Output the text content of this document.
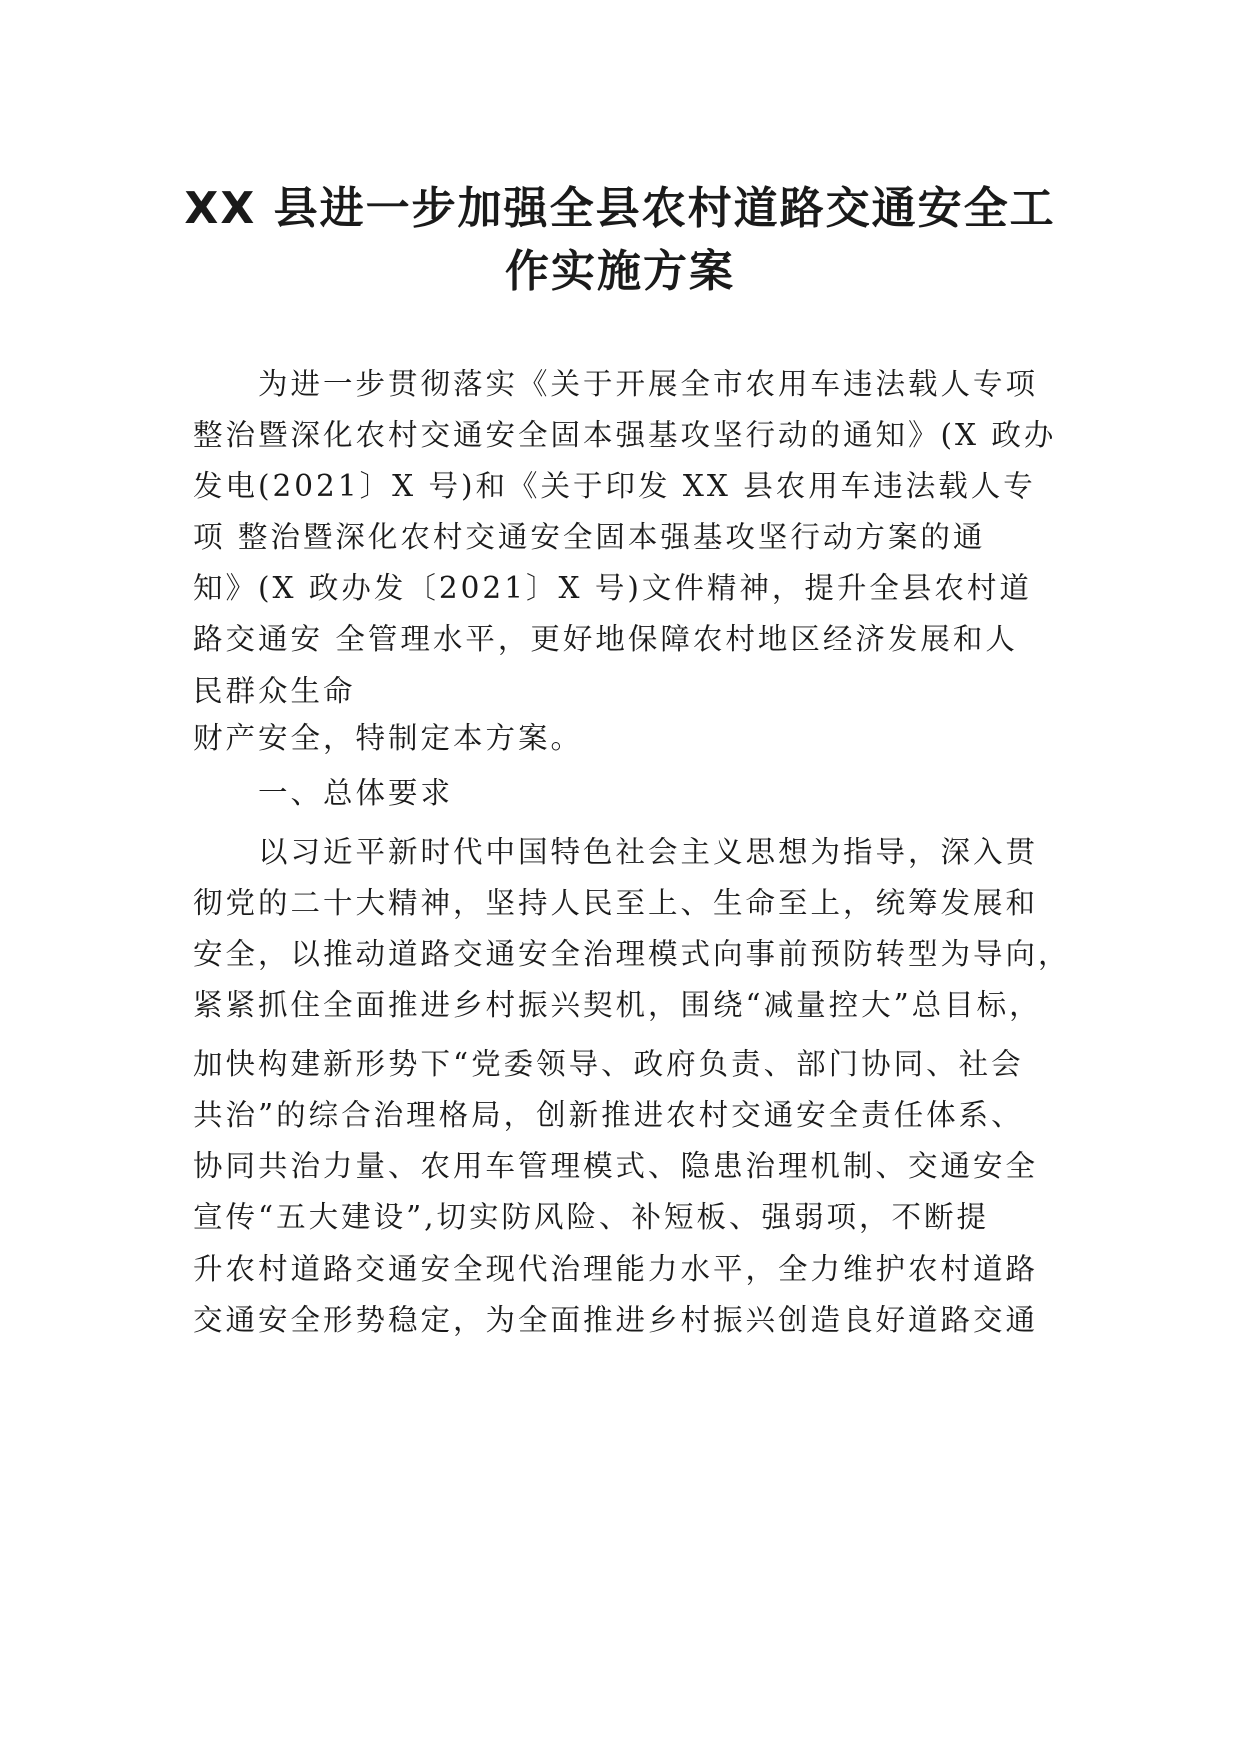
XX 县进一步加强全县农村道路交通安全工
作实施方案
为进一步贯彻落实《关于开展全市农用车违法载人专项
整治暨深化农村交通安全固本强基攻坚行动的通知》(X 政办
发电(2021〕X 号)和《关于印发 XX 县农用车违法载人专
项 整治暨深化农村交通安全固本强基攻坚行动方案的通
知》(X 政办发〔2021〕X 号)文件精神，提升全县农村道
路交通安 全管理水平，更好地保障农村地区经济发展和人
民群众生命
财产安全，特制定本方案。
一、总体要求
以习近平新时代中国特色社会主义思想为指导，深入贯
彻党的二十大精神，坚持人民至上、生命至上，统筹发展和
安全，以推动道路交通安全治理模式向事前预防转型为导向，
紧紧抓住全面推进乡村振兴契机，围绕“减量控大”总目标，
加快构建新形势下“党委领导、政府负责、部门协同、社会
共治”的综合治理格局，创新推进农村交通安全责任体系、
协同共治力量、农用车管理模式、隐患治理机制、交通安全
宣传“五大建设”,切实防风险、补短板、强弱项，不断提
升农村道路交通安全现代治理能力水平，全力维护农村道路
交通安全形势稳定，为全面推进乡村振兴创造良好道路交通
